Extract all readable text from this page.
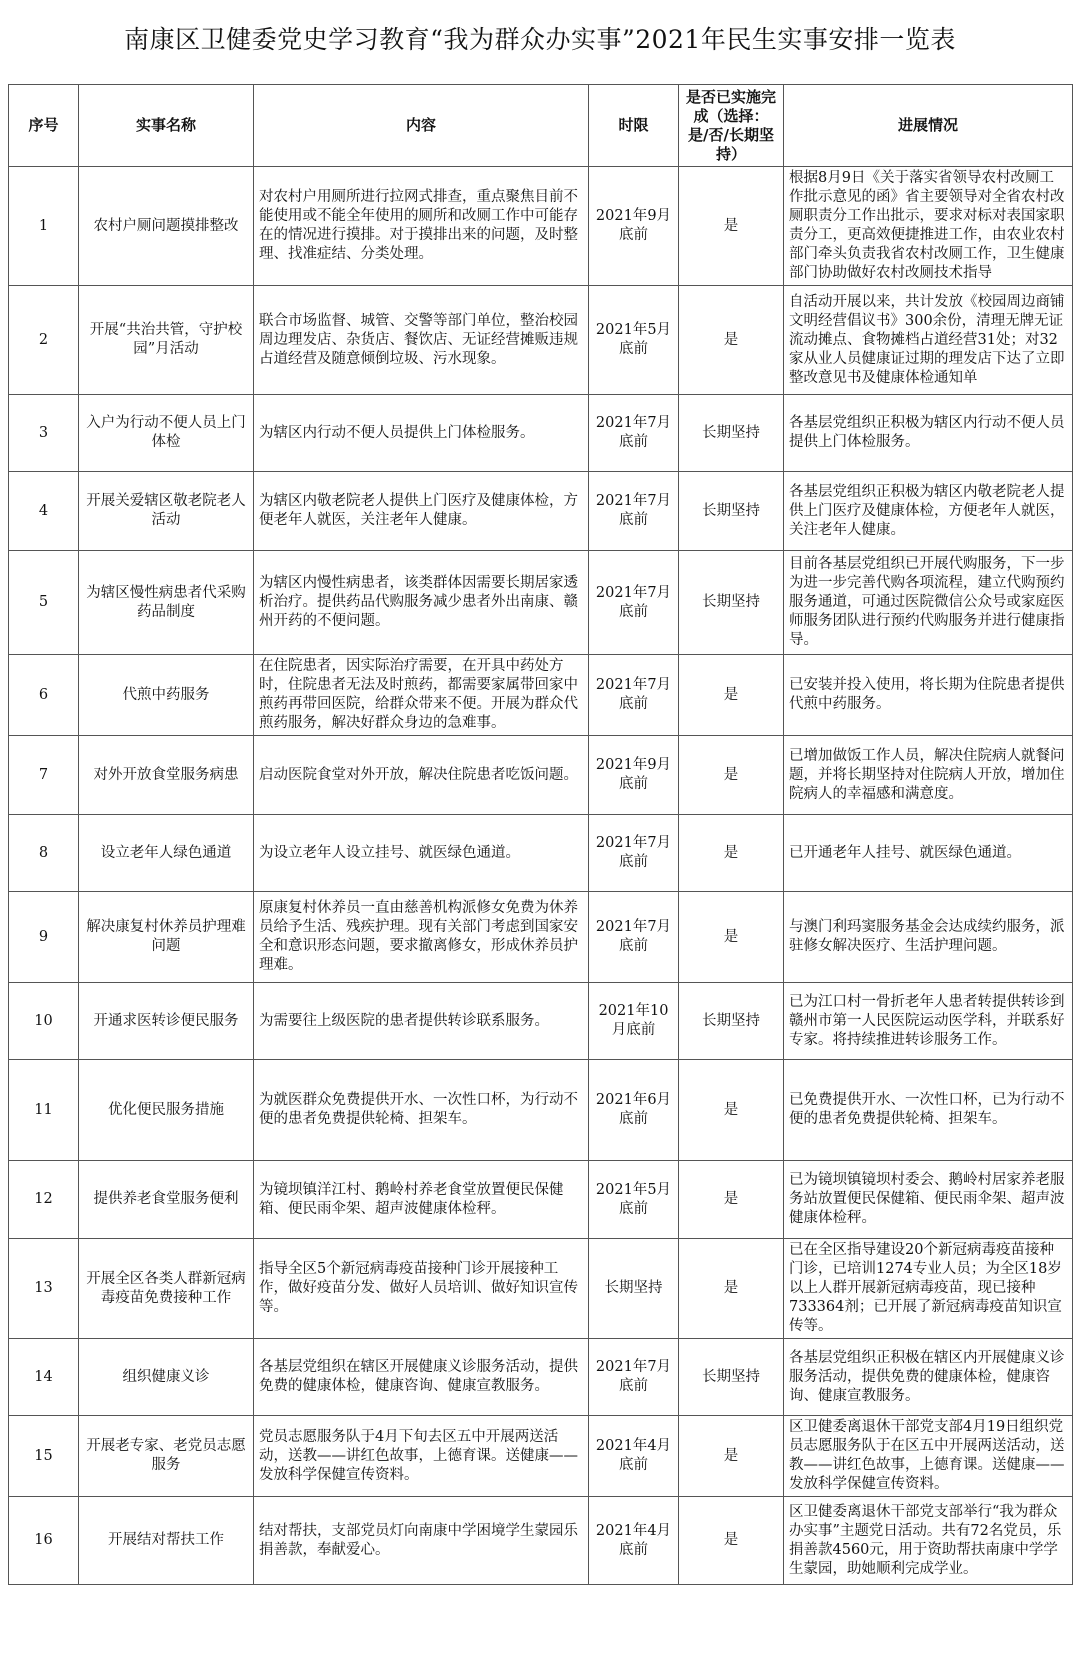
南康区卫健委党史学习教育“我为群众办实事”2021年民生实事安排一览表
序号	实事名称	内容	时限	是否已实施完成（选择：是/否/长期坚持）	进展情况
1	农村户厕问题摸排整改	对农村户用厕所进行拉网式排查，重点聚焦目前不能使用或不能全年使用的厕所和改厕工作中可能存在的情况进行摸排。对于摸排出来的问题，及时整理、找准症结、分类处理。	2021年9月底前	是	根据8月9日《关于落实省领导农村改厕工作批示意见的函》省主要领导对全省农村改厕职责分工作出批示，要求对标对表国家职责分工，更高效便捷推进工作，由农业农村部门牵头负责我省农村改厕工作，卫生健康部门协助做好农村改厕技术指导
2	开展“共治共管，守护校园”月活动	联合市场监督、城管、交警等部门单位，整治校园周边理发店、杂货店、餐饮店、无证经营摊贩违规占道经营及随意倾倒垃圾、污水现象。	2021年5月底前	是	自活动开展以来，共计发放《校园周边商铺文明经营倡议书》300余份，清理无牌无证流动摊点、食物摊档占道经营31处；对32家从业人员健康证过期的理发店下达了立即整改意见书及健康体检通知单
3	入户为行动不便人员上门体检	为辖区内行动不便人员提供上门体检服务。	2021年7月底前	长期坚持	各基层党组织正积极为辖区内行动不便人员提供上门体检服务。
4	开展关爱辖区敬老院老人活动	为辖区内敬老院老人提供上门医疗及健康体检，方便老年人就医，关注老年人健康。	2021年7月底前	长期坚持	各基层党组织正积极为辖区内敬老院老人提供上门医疗及健康体检，方便老年人就医，关注老年人健康。
5	为辖区慢性病患者代采购药品制度	为辖区内慢性病患者，该类群体因需要长期居家透析治疗。提供药品代购服务减少患者外出南康、赣州开药的不便问题。	2021年7月底前	长期坚持	目前各基层党组织已开展代购服务，下一步为进一步完善代购各项流程，建立代购预约服务通道，可通过医院微信公众号或家庭医师服务团队进行预约代购服务并进行健康指导。
6	代煎中药服务	在住院患者，因实际治疗需要，在开具中药处方时，住院患者无法及时煎药，都需要家属带回家中煎药再带回医院，给群众带来不便。开展为群众代煎药服务，解决好群众身边的急难事。	2021年7月底前	是	已安装并投入使用，将长期为住院患者提供代煎中药服务。
7	对外开放食堂服务病患	启动医院食堂对外开放，解决住院患者吃饭问题。	2021年9月底前	是	已增加做饭工作人员，解决住院病人就餐问题，并将长期坚持对住院病人开放，增加住院病人的幸福感和满意度。
8	设立老年人绿色通道	为设立老年人设立挂号、就医绿色通道。	2021年7月底前	是	已开通老年人挂号、就医绿色通道。
9	解决康复村休养员护理难问题	原康复村休养员一直由慈善机构派修女免费为休养员给予生活、残疾护理。现有关部门考虑到国家安全和意识形态问题，要求撤离修女，形成休养员护理难。	2021年7月底前	是	与澳门利玛窦服务基金会达成续约服务，派驻修女解决医疗、生活护理问题。
10	开通求医转诊便民服务	为需要往上级医院的患者提供转诊联系服务。	2021年10月底前	长期坚持	已为江口村一骨折老年人患者转提供转诊到赣州市第一人民医院运动医学科，并联系好专家。将持续推进转诊服务工作。
11	优化便民服务措施	为就医群众免费提供开水、一次性口杯，为行动不便的患者免费提供轮椅、担架车。	2021年6月底前	是	已免费提供开水、一次性口杯，已为行动不便的患者免费提供轮椅、担架车。
12	提供养老食堂服务便利	为镜坝镇洋江村、鹅岭村养老食堂放置便民保健箱、便民雨伞架、超声波健康体检秤。	2021年5月底前	是	已为镜坝镇镜坝村委会、鹅岭村居家养老服务站放置便民保健箱、便民雨伞架、超声波健康体检秤。
13	开展全区各类人群新冠病毒疫苗免费接种工作	指导全区5个新冠病毒疫苗接种门诊开展接种工作，做好疫苗分发、做好人员培训、做好知识宣传等。	长期坚持	是	已在全区指导建设20个新冠病毒疫苗接种门诊，已培训1274专业人员；为全区18岁以上人群开展新冠病毒疫苗，现已接种733364剂；已开展了新冠病毒疫苗知识宣传等。
14	组织健康义诊	各基层党组织在辖区开展健康义诊服务活动，提供免费的健康体检，健康咨询、健康宣教服务。	2021年7月底前	长期坚持	各基层党组织正积极在辖区内开展健康义诊服务活动，提供免费的健康体检，健康咨询、健康宣教服务。
15	开展老专家、老党员志愿服务	党员志愿服务队于4月下旬去区五中开展两送活动，送教——讲红色故事，上德育课。送健康——发放科学保健宣传资料。	2021年4月底前	是	区卫健委离退休干部党支部4月19日组织党员志愿服务队于在区五中开展两送活动，送教——讲红色故事，上德育课。送健康——发放科学保健宣传资料。
16	开展结对帮扶工作	结对帮扶，支部党员灯向南康中学困境学生蒙园乐捐善款，奉献爱心。	2021年4月底前	是	区卫健委离退休干部党支部举行“我为群众办实事”主题党日活动。共有72名党员，乐捐善款4560元，用于资助帮扶南康中学学生蒙园，助她顺利完成学业。
